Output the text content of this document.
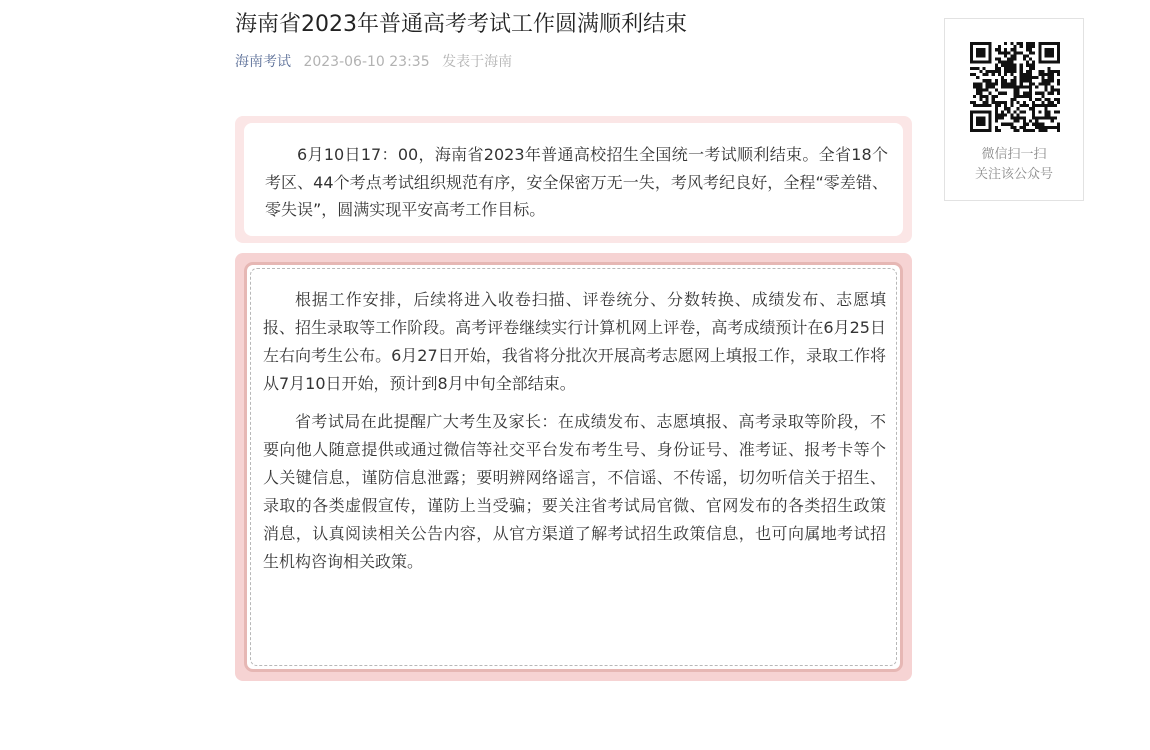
海南省2023年普通高考考试工作圆满顺利结束
海南考试 2023-06-10 23:35 发表于海南

6月10日17：00，海南省2023年普通高校招生全国统一考试顺利结束。全省18个考区、44个考点考试组织规范有序，安全保密万无一失，考风考纪良好，全程“零差错、零失误”，圆满实现平安高考工作目标。

根据工作安排，后续将进入收卷扫描、评卷统分、分数转换、成绩发布、志愿填报、招生录取等工作阶段。高考评卷继续实行计算机网上评卷，高考成绩预计在6月25日左右向考生公布。6月27日开始，我省将分批次开展高考志愿网上填报工作，录取工作将从7月10日开始，预计到8月中旬全部结束。

省考试局在此提醒广大考生及家长：在成绩发布、志愿填报、高考录取等阶段，不要向他人随意提供或通过微信等社交平台发布考生号、身份证号、准考证、报考卡等个人关键信息，谨防信息泄露；要明辨网络谣言，不信谣、不传谣，切勿听信关于招生、录取的各类虚假宣传，谨防上当受骗；要关注省考试局官微、官网发布的各类招生政策消息，认真阅读相关公告内容，从官方渠道了解考试招生政策信息，也可向属地考试招生机构咨询相关政策。

微信扫一扫
关注该公众号
